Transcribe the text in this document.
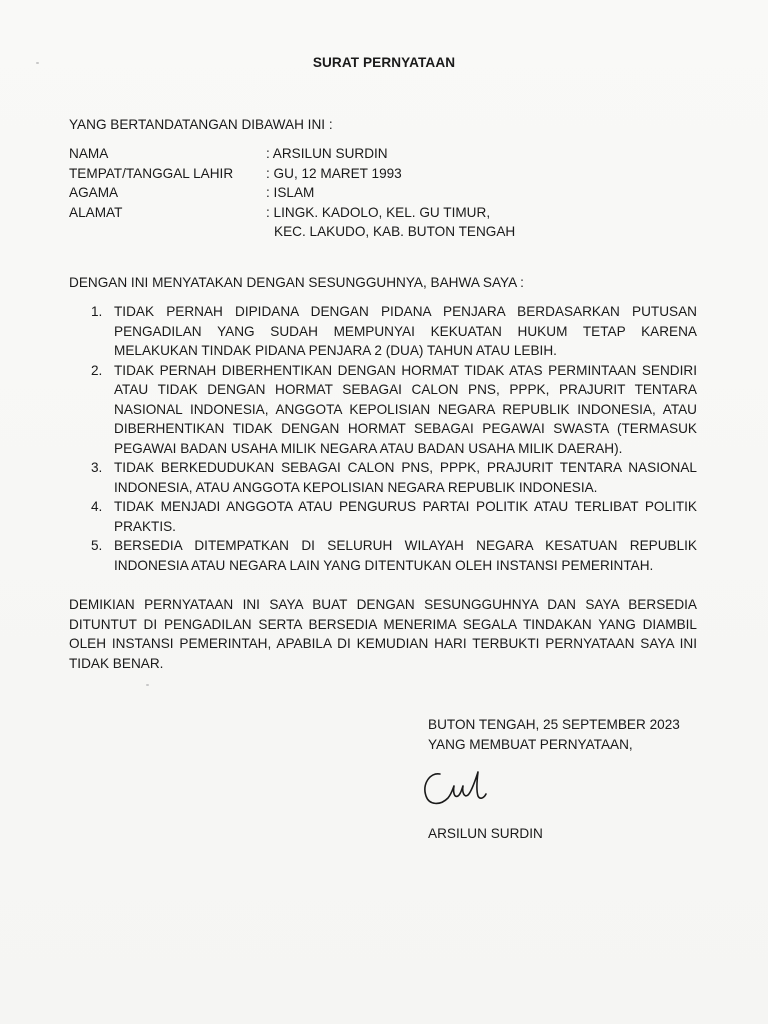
SURAT PERNYATAAN
YANG BERTANDATANGAN DIBAWAH INI :
NAMA	: ARSILUN SURDIN
TEMPAT/TANGGAL LAHIR : GU, 12 MARET 1993
AGAMA	: ISLAM
ALAMAT	: LINGK. KADOLO, KEL. GU TIMUR,
KEC. LAKUDO, KAB. BUTON TENGAH
DENGAN INI MENYATAKAN DENGAN SESUNGGUHNYA, BAHWA SAYA :
1. TIDAK PERNAH DIPIDANA DENGAN PIDANA PENJARA BERDASARKAN PUTUSAN PENGADILAN YANG SUDAH MEMPUNYAI KEKUATAN HUKUM TETAP KARENA MELAKUKAN TINDAK PIDANA PENJARA 2 (DUA) TAHUN ATAU LEBIH.
2. TIDAK PERNAH DIBERHENTIKAN DENGAN HORMAT TIDAK ATAS PERMINTAAN SENDIRI ATAU TIDAK DENGAN HORMAT SEBAGAI CALON PNS, PPPK, PRAJURIT TENTARA NASIONAL INDONESIA, ANGGOTA KEPOLISIAN NEGARA REPUBLIK INDONESIA, ATAU DIBERHENTIKAN TIDAK DENGAN HORMAT SEBAGAI PEGAWAI SWASTA (TERMASUK PEGAWAI BADAN USAHA MILIK NEGARA ATAU BADAN USAHA MILIK DAERAH).
3. TIDAK BERKEDUDUKAN SEBAGAI CALON PNS, PPPK, PRAJURIT TENTARA NASIONAL INDONESIA, ATAU ANGGOTA KEPOLISIAN NEGARA REPUBLIK INDONESIA.
4. TIDAK MENJADI ANGGOTA ATAU PENGURUS PARTAI POLITIK ATAU TERLIBAT POLITIK PRAKTIS.
5. BERSEDIA DITEMPATKAN DI SELURUH WILAYAH NEGARA KESATUAN REPUBLIK INDONESIA ATAU NEGARA LAIN YANG DITENTUKAN OLEH INSTANSI PEMERINTAH.
DEMIKIAN PERNYATAAN INI SAYA BUAT DENGAN SESUNGGUHNYA DAN SAYA BERSEDIA DITUNTUT DI PENGADILAN SERTA BERSEDIA MENERIMA SEGALA TINDAKAN YANG DIAMBIL OLEH INSTANSI PEMERINTAH, APABILA DI KEMUDIAN HARI TERBUKTI PERNYATAAN SAYA INI TIDAK BENAR.
BUTON TENGAH, 25 SEPTEMBER 2023
YANG MEMBUAT PERNYATAAN,
ARSILUN SURDIN
